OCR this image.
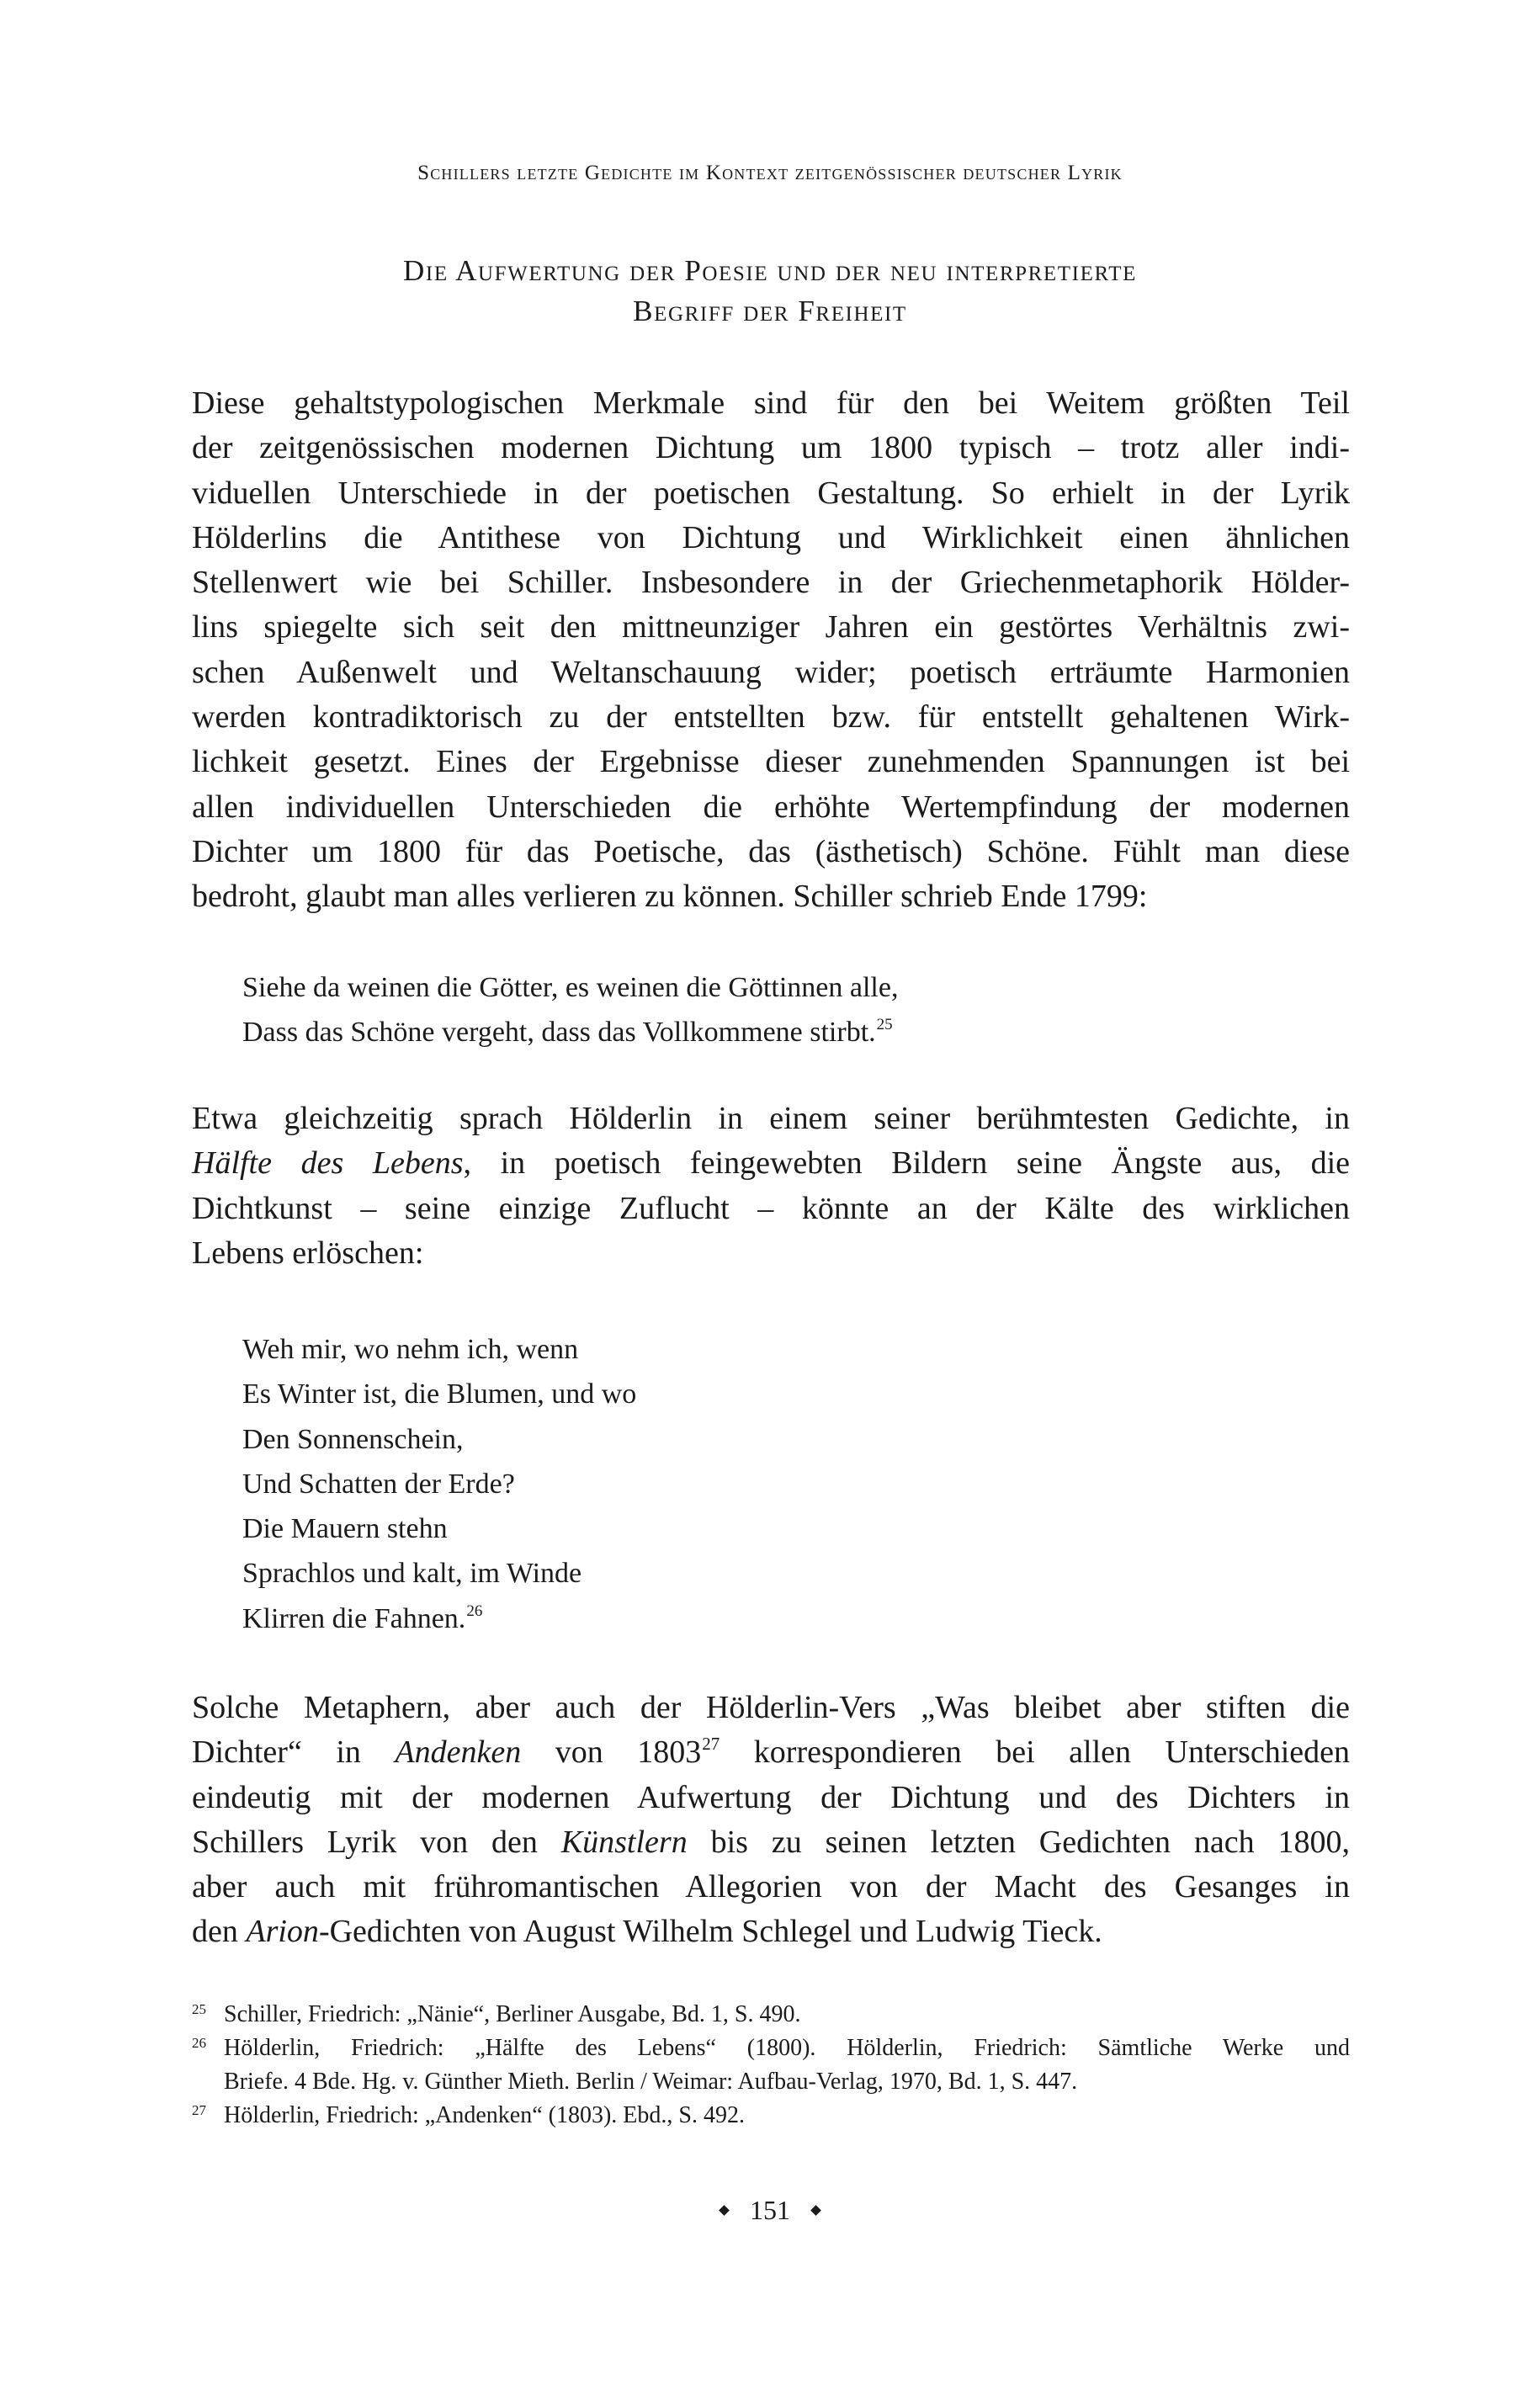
Schillers letzte Gedichte im Kontext zeitgenössischer deutscher Lyrik
Die Aufwertung der Poesie und der neu interpretierte
Begriff der Freiheit
Diese gehaltstypologischen Merkmale sind für den bei Weitem größten Teil
der zeitgenössischen modernen Dichtung um 1800 typisch – trotz aller indi-
viduellen Unterschiede in der poetischen Gestaltung. So erhielt in der Lyrik
Hölderlins die Antithese von Dichtung und Wirklichkeit einen ähnlichen
Stellenwert wie bei Schiller. Insbesondere in der Griechenmetaphorik Hölder-
lins spiegelte sich seit den mittneunziger Jahren ein gestörtes Verhältnis zwi-
schen Außenwelt und Weltanschauung wider; poetisch erträumte Harmonien
werden kontradiktorisch zu der entstellten bzw. für entstellt gehaltenen Wirk-
lichkeit gesetzt. Eines der Ergebnisse dieser zunehmenden Spannungen ist bei
allen individuellen Unterschieden die erhöhte Wertempfindung der modernen
Dichter um 1800 für das Poetische, das (ästhetisch) Schöne. Fühlt man diese
bedroht, glaubt man alles verlieren zu können. Schiller schrieb Ende 1799:
Siehe da weinen die Götter, es weinen die Göttinnen alle,
Dass das Schöne vergeht, dass das Vollkommene stirbt.$^{25}$
Etwa gleichzeitig sprach Hölderlin in einem seiner berühmtesten Gedichte, in
Hälfte des Lebens, in poetisch feingewebten Bildern seine Ängste aus, die
Dichtkunst – seine einzige Zuflucht – könnte an der Kälte des wirklichen
Lebens erlöschen:
Weh mir, wo nehm ich, wenn
Es Winter ist, die Blumen, und wo
Den Sonnenschein,
Und Schatten der Erde?
Die Mauern stehn
Sprachlos und kalt, im Winde
Klirren die Fahnen.$^{26}$
Solche Metaphern, aber auch der Hölderlin-Vers „Was bleibet aber stiften die
Dichter“ in Andenken von 1803$^{27}$ korrespondieren bei allen Unterschieden
eindeutig mit der modernen Aufwertung der Dichtung und des Dichters in
Schillers Lyrik von den Künstlern bis zu seinen letzten Gedichten nach 1800,
aber auch mit frühromantischen Allegorien von der Macht des Gesanges in
den Arion-Gedichten von August Wilhelm Schlegel und Ludwig Tieck.
25 Schiller, Friedrich: „Nänie“, Berliner Ausgabe, Bd. 1, S. 490.
26 Hölderlin, Friedrich: „Hälfte des Lebens“ (1800). Hölderlin, Friedrich: Sämtliche Werke und
Briefe. 4 Bde. Hg. v. Günther Mieth. Berlin / Weimar: Aufbau-Verlag, 1970, Bd. 1, S. 447.
27 Hölderlin, Friedrich: „Andenken“ (1803). Ebd., S. 492.
151
